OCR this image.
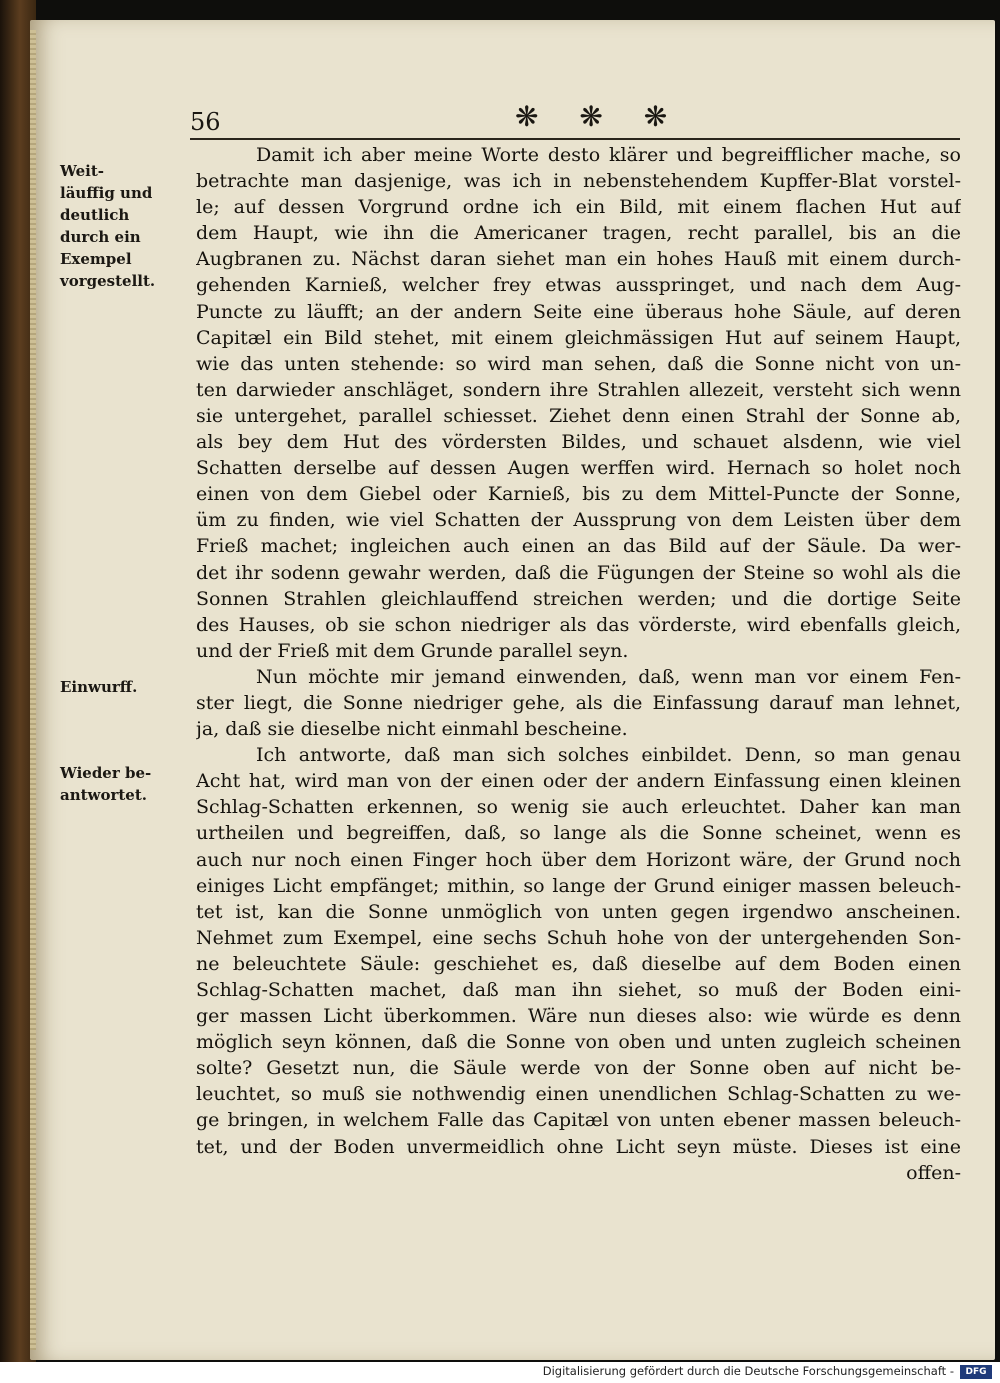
56	❋ ❋ ❋
Weit-
läuffig und
deutlich
durch ein
Exempel
vorgestellt.
Einwurff.
Wieder be-
antwortet.
Damit ich aber meine Worte desto klärer und begreifflicher mache, so
betrachte man dasjenige, was ich in nebenstehendem Kupffer-Blat vorstel-
le; auf dessen Vorgrund ordne ich ein Bild, mit einem flachen Hut auf
dem Haupt, wie ihn die Americaner tragen, recht parallel, bis an die
Augbranen zu. Nächst daran siehet man ein hohes Hauß mit einem durch-
gehenden Karnieß, welcher frey etwas ausspringet, und nach dem Aug-
Puncte zu läufft; an der andern Seite eine überaus hohe Säule, auf deren
Capitæl ein Bild stehet, mit einem gleichmässigen Hut auf seinem Haupt,
wie das unten stehende: so wird man sehen, daß die Sonne nicht von un-
ten darwieder anschläget, sondern ihre Strahlen allezeit, versteht sich wenn
sie untergehet, parallel schiesset. Ziehet denn einen Strahl der Sonne ab,
als bey dem Hut des vördersten Bildes, und schauet alsdenn, wie viel
Schatten derselbe auf dessen Augen werffen wird. Hernach so holet noch
einen von dem Giebel oder Karnieß, bis zu dem Mittel-Puncte der Sonne,
üm zu finden, wie viel Schatten der Aussprung von dem Leisten über dem
Frieß machet; ingleichen auch einen an das Bild auf der Säule. Da wer-
det ihr sodenn gewahr werden, daß die Fügungen der Steine so wohl als die
Sonnen Strahlen gleichlauffend streichen werden; und die dortige Seite
des Hauses, ob sie schon niedriger als das vörderste, wird ebenfalls gleich,
und der Frieß mit dem Grunde parallel seyn.
Nun möchte mir jemand einwenden, daß, wenn man vor einem Fen-
ster liegt, die Sonne niedriger gehe, als die Einfassung darauf man lehnet,
ja, daß sie dieselbe nicht einmahl bescheine.
Ich antworte, daß man sich solches einbildet. Denn, so man genau
Acht hat, wird man von der einen oder der andern Einfassung einen kleinen
Schlag-Schatten erkennen, so wenig sie auch erleuchtet. Daher kan man
urtheilen und begreiffen, daß, so lange als die Sonne scheinet, wenn es
auch nur noch einen Finger hoch über dem Horizont wäre, der Grund noch
einiges Licht empfänget; mithin, so lange der Grund einiger massen beleuch-
tet ist, kan die Sonne unmöglich von unten gegen irgendwo anscheinen.
Nehmet zum Exempel, eine sechs Schuh hohe von der untergehenden Son-
ne beleuchtete Säule: geschiehet es, daß dieselbe auf dem Boden einen
Schlag-Schatten machet, daß man ihn siehet, so muß der Boden eini-
ger massen Licht überkommen. Wäre nun dieses also: wie würde es denn
möglich seyn können, daß die Sonne von oben und unten zugleich scheinen
solte? Gesetzt nun, die Säule werde von der Sonne oben auf nicht be-
leuchtet, so muß sie nothwendig einen unendlichen Schlag-Schatten zu we-
ge bringen, in welchem Falle das Capitæl von unten ebener massen beleuch-
tet, und der Boden unvermeidlich ohne Licht seyn müste. Dieses ist eine
offen-
Digitalisierung gefördert durch die Deutsche Forschungsgemeinschaft -	DFG
